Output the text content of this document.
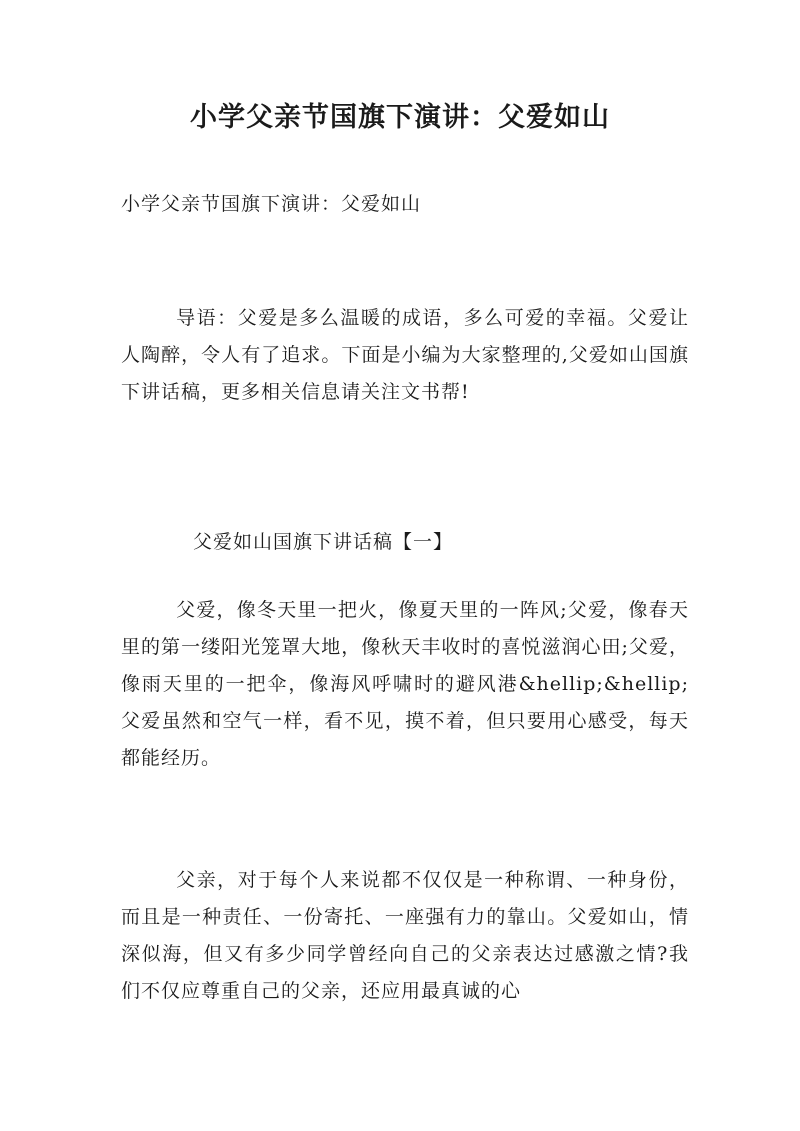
小学父亲节国旗下演讲：父爱如山
小学父亲节国旗下演讲：父爱如山

导语：父爱是多么温暖的成语，多么可爱的幸福。父爱让人陶醉，令人有了追求。下面是小编为大家整理的,父爱如山国旗下讲话稿，更多相关信息请关注文书帮!

父爱如山国旗下讲话稿【一】

父爱，像冬天里一把火，像夏天里的一阵风;父爱，像春天里的第一缕阳光笼罩大地，像秋天丰收时的喜悦滋润心田;父爱，像雨天里的一把伞，像海风呼啸时的避风港&hellip;&hellip;父爱虽然和空气一样，看不见，摸不着，但只要用心感受，每天都能经历。

父亲，对于每个人来说都不仅仅是一种称谓、一种身份，而且是一种责任、一份寄托、一座强有力的靠山。父爱如山，情深似海，但又有多少同学曾经向自己的父亲表达过感激之情?我们不仅应尊重自己的父亲，还应用最真诚的心
